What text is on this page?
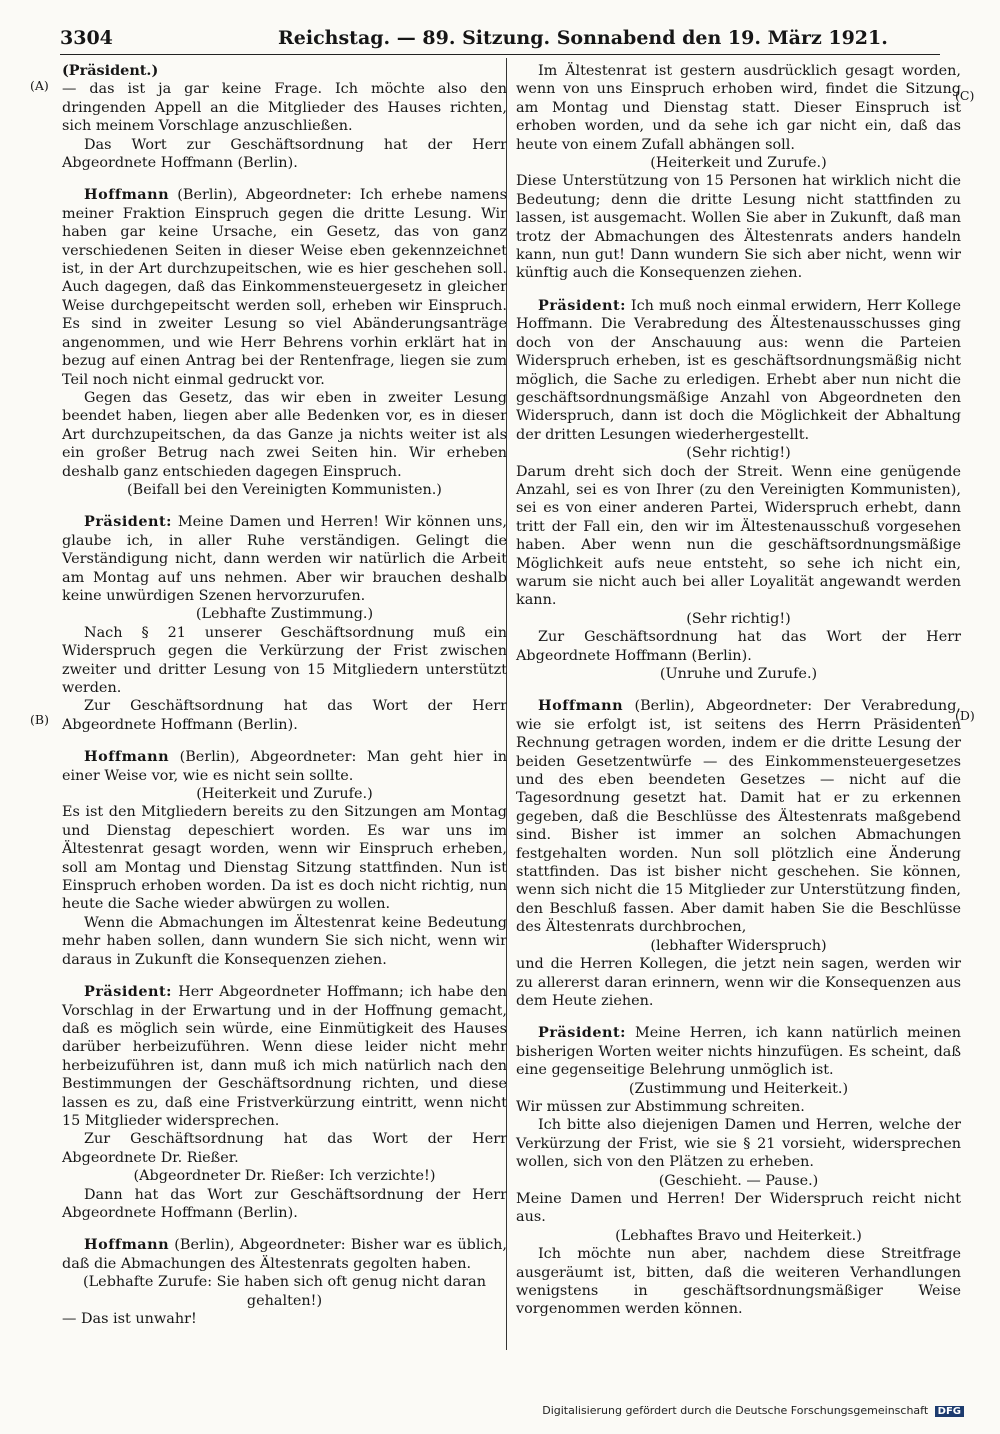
3304	Reichstag. — 89. Sitzung. Sonnabend den 19. März 1921.
(A)
(B)
(C)
(D)

(Präsident.)

— das ist ja gar keine Frage. Ich möchte also den dringenden Appell an die Mitglieder des Hauses richten, sich meinem Vorschlage anzuschließen.

Das Wort zur Geschäftsordnung hat der Herr Abgeordnete Hoffmann (Berlin).

Hoffmann (Berlin), Abgeordneter: Ich erhebe namens meiner Fraktion Einspruch gegen die dritte Lesung. Wir haben gar keine Ursache, ein Gesetz, das von ganz verschiedenen Seiten in dieser Weise eben gekennzeichnet ist, in der Art durchzupeitschen, wie es hier geschehen soll. Auch dagegen, daß das Einkommensteuergesetz in gleicher Weise durchgepeitscht werden soll, erheben wir Einspruch. Es sind in zweiter Lesung so viel Abänderungsanträge angenommen, und wie Herr Behrens vorhin erklärt hat in bezug auf einen Antrag bei der Rentenfrage, liegen sie zum Teil noch nicht einmal gedruckt vor.

Gegen das Gesetz, das wir eben in zweiter Lesung beendet haben, liegen aber alle Bedenken vor, es in dieser Art durchzupeitschen, da das Ganze ja nichts weiter ist als ein großer Betrug nach zwei Seiten hin. Wir erheben deshalb ganz entschieden dagegen Einspruch.

(Beifall bei den Vereinigten Kommunisten.)

Präsident: Meine Damen und Herren! Wir können uns, glaube ich, in aller Ruhe verständigen. Gelingt die Verständigung nicht, dann werden wir natürlich die Arbeit am Montag auf uns nehmen. Aber wir brauchen deshalb keine unwürdigen Szenen hervorzurufen.

(Lebhafte Zustimmung.)

Nach § 21 unserer Geschäftsordnung muß ein Widerspruch gegen die Verkürzung der Frist zwischen zweiter und dritter Lesung von 15 Mitgliedern unterstützt werden.

Zur Geschäftsordnung hat das Wort der Herr Abgeordnete Hoffmann (Berlin).

Hoffmann (Berlin), Abgeordneter: Man geht hier in einer Weise vor, wie es nicht sein sollte.

(Heiterkeit und Zurufe.)

Es ist den Mitgliedern bereits zu den Sitzungen am Montag und Dienstag depeschiert worden. Es war uns im Ältestenrat gesagt worden, wenn wir Einspruch erheben, soll am Montag und Dienstag Sitzung stattfinden. Nun ist Einspruch erhoben worden. Da ist es doch nicht richtig, nun heute die Sache wieder abwürgen zu wollen.

Wenn die Abmachungen im Ältestenrat keine Bedeutung mehr haben sollen, dann wundern Sie sich nicht, wenn wir daraus in Zukunft die Konsequenzen ziehen.

Präsident: Herr Abgeordneter Hoffmann; ich habe den Vorschlag in der Erwartung und in der Hoffnung gemacht, daß es möglich sein würde, eine Einmütigkeit des Hauses darüber herbeizuführen. Wenn diese leider nicht mehr herbeizuführen ist, dann muß ich mich natürlich nach den Bestimmungen der Geschäftsordnung richten, und diese lassen es zu, daß eine Fristverkürzung eintritt, wenn nicht 15 Mitglieder widersprechen.

Zur Geschäftsordnung hat das Wort der Herr Abgeordnete Dr. Rießer.

(Abgeordneter Dr. Rießer: Ich verzichte!)

Dann hat das Wort zur Geschäftsordnung der Herr Abgeordnete Hoffmann (Berlin).

Hoffmann (Berlin), Abgeordneter: Bisher war es üblich, daß die Abmachungen des Ältestenrats gegolten haben.

(Lebhafte Zurufe: Sie haben sich oft genug nicht daran gehalten!)

— Das ist unwahr!

Im Ältestenrat ist gestern ausdrücklich gesagt worden, wenn von uns Einspruch erhoben wird, findet die Sitzung am Montag und Dienstag statt. Dieser Einspruch ist erhoben worden, und da sehe ich gar nicht ein, daß das heute von einem Zufall abhängen soll.

(Heiterkeit und Zurufe.)

Diese Unterstützung von 15 Personen hat wirklich nicht die Bedeutung; denn die dritte Lesung nicht stattfinden zu lassen, ist ausgemacht. Wollen Sie aber in Zukunft, daß man trotz der Abmachungen des Ältestenrats anders handeln kann, nun gut! Dann wundern Sie sich aber nicht, wenn wir künftig auch die Konsequenzen ziehen.

Präsident: Ich muß noch einmal erwidern, Herr Kollege Hoffmann. Die Verabredung des Ältestenausschusses ging doch von der Anschauung aus: wenn die Parteien Widerspruch erheben, ist es geschäftsordnungsmäßig nicht möglich, die Sache zu erledigen. Erhebt aber nun nicht die geschäftsordnungsmäßige Anzahl von Abgeordneten den Widerspruch, dann ist doch die Möglichkeit der Abhaltung der dritten Lesungen wiederhergestellt.

(Sehr richtig!)

Darum dreht sich doch der Streit. Wenn eine genügende Anzahl, sei es von Ihrer (zu den Vereinigten Kommunisten), sei es von einer anderen Partei, Widerspruch erhebt, dann tritt der Fall ein, den wir im Ältestenausschuß vorgesehen haben. Aber wenn nun die geschäftsordnungsmäßige Möglichkeit aufs neue entsteht, so sehe ich nicht ein, warum sie nicht auch bei aller Loyalität angewandt werden kann.

(Sehr richtig!)

Zur Geschäftsordnung hat das Wort der Herr Abgeordnete Hoffmann (Berlin).

(Unruhe und Zurufe.)

Hoffmann (Berlin), Abgeordneter: Der Verabredung, wie sie erfolgt ist, ist seitens des Herrn Präsidenten Rechnung getragen worden, indem er die dritte Lesung der beiden Gesetzentwürfe — des Einkommensteuergesetzes und des eben beendeten Gesetzes — nicht auf die Tagesordnung gesetzt hat. Damit hat er zu erkennen gegeben, daß die Beschlüsse des Ältestenrats maßgebend sind. Bisher ist immer an solchen Abmachungen festgehalten worden. Nun soll plötzlich eine Änderung stattfinden. Das ist bisher nicht geschehen. Sie können, wenn sich nicht die 15 Mitglieder zur Unterstützung finden, den Beschluß fassen. Aber damit haben Sie die Beschlüsse des Ältestenrats durchbrochen,

(lebhafter Widerspruch)

und die Herren Kollegen, die jetzt nein sagen, werden wir zu allererst daran erinnern, wenn wir die Konsequenzen aus dem Heute ziehen.

Präsident: Meine Herren, ich kann natürlich meinen bisherigen Worten weiter nichts hinzufügen. Es scheint, daß eine gegenseitige Belehrung unmöglich ist.

(Zustimmung und Heiterkeit.)

Wir müssen zur Abstimmung schreiten.

Ich bitte also diejenigen Damen und Herren, welche der Verkürzung der Frist, wie sie § 21 vorsieht, widersprechen wollen, sich von den Plätzen zu erheben.

(Geschieht. — Pause.)

Meine Damen und Herren! Der Widerspruch reicht nicht aus.

(Lebhaftes Bravo und Heiterkeit.)

Ich möchte nun aber, nachdem diese Streitfrage ausgeräumt ist, bitten, daß die weiteren Verhandlungen wenigstens in geschäftsordnungsmäßiger Weise vorgenommen werden können.

Digitalisierung gefördert durch die Deutsche Forschungsgemeinschaft DFG
